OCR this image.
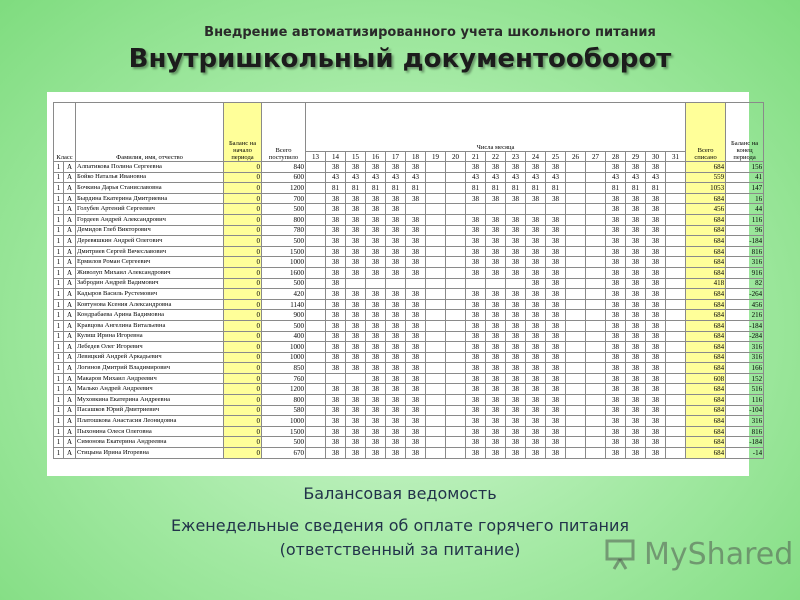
Внедрение автоматизированного учета школьного питания
Внутришкольный документооборот
Класс		Фамилия, имя, отчество	Баланс на начало периода	Всего поступило	Числа месяца																			Всего списано	Баланс на конец периода
					13	14	15	16	17	18	19	20	21	22	23	24	25	26	27	28	29	30	31		
1	А	Алпатикова Полина Сергеевна	0	840		38	38	38	38	38			38	38	38	38	38			38	38	38		684	156
1	А	Бойко Наталья Ивановна	0	600		43	43	43	43	43			43	43	43	43	43			43	43	43		559	41
1	А	Бочкина Дарья Станиславовна	0	1200		81	81	81	81	81			81	81	81	81	81			81	81	81		1053	147
1	А	Бырдина Екатерина Дмитриевна	0	700		38	38	38	38	38			38	38	38	38	38			38	38	38		684	16
1	А	Голубев Артений Сергеевич	0	500		38	38	38	38											38	38	38		456	44
1	А	Гордеев Андрей Александрович	0	800		38	38	38	38	38			38	38	38	38	38			38	38	38		684	116
1	А	Демидов Глеб Викторович	0	780		38	38	38	38	38			38	38	38	38	38			38	38	38		684	96
1	А	Деревяшкин Андрей Олегович	0	500		38	38	38	38	38			38	38	38	38	38			38	38	38		684	-184
1	А	Дмитриев Сергей Вячеславович	0	1500		38	38	38	38	38			38	38	38	38	38			38	38	38		684	816
1	А	Ермилов Роман Сергеевич	0	1000		38	38	38	38	38			38	38	38	38	38			38	38	38		684	316
1	А	Живолуп Михаил Александрович	0	1600		38	38	38	38	38			38	38	38	38	38			38	38	38		684	916
1	А	Забродин Андрей Вадимович	0	500		38										38	38			38	38	38		418	82
1	А	Кадыров Василь Рустемович	0	420		38	38	38	38	38			38	38	38	38	38			38	38	38		684	-264
1	А	Ковтунова Ксения Александровна	0	1140		38	38	38	38	38			38	38	38	38	38			38	38	38		684	456
1	А	Кондрабаева Арина Вадимовна	0	900		38	38	38	38	38			38	38	38	38	38			38	38	38		684	216
1	А	Кравцова Ангелина Витальевна	0	500		38	38	38	38	38			38	38	38	38	38			38	38	38		684	-184
1	А	Кулиш Ирина Игоревна	0	400		38	38	38	38	38			38	38	38	38	38			38	38	38		684	-284
1	А	Лебедев Олег Игоревич	0	1000		38	38	38	38	38			38	38	38	38	38			38	38	38		684	316
1	А	Левицкий Андрей Аркадьевич	0	1000		38	38	38	38	38			38	38	38	38	38			38	38	38		684	316
1	А	Логинов Дмитрий Владимирович	0	850		38	38	38	38	38			38	38	38	38	38			38	38	38		684	166
1	А	Макаров Михаил Андреевич	0	760				38	38	38			38	38	38	38	38			38	38	38		608	152
1	А	Малько Андрей Андреевич	0	1200		38	38	38	38	38			38	38	38	38	38			38	38	38		684	516
1	А	Муховкина Екатерина Андреевна	0	800		38	38	38	38	38			38	38	38	38	38			38	38	38		684	116
1	А	Пасашков Юрий Дмитриевич	0	580		38	38	38	38	38			38	38	38	38	38			38	38	38		684	-104
1	А	Платошкова Анастасия Леонидовна	0	1000		38	38	38	38	38			38	38	38	38	38			38	38	38		684	316
1	А	Пыхонина Олеся Олеговна	0	1500		38	38	38	38	38			38	38	38	38	38			38	38	38		684	816
1	А	Симонова Екатерина Андреевна	0	500		38	38	38	38	38			38	38	38	38	38			38	38	38		684	-184
1	А	Стицына Ирина Игоревна	0	670		38	38	38	38	38			38	38	38	38	38			38	38	38		684	-14
Балансовая ведомость
Еженедельные сведения об оплате горячего питания
(ответственный за питание)	MyShared
